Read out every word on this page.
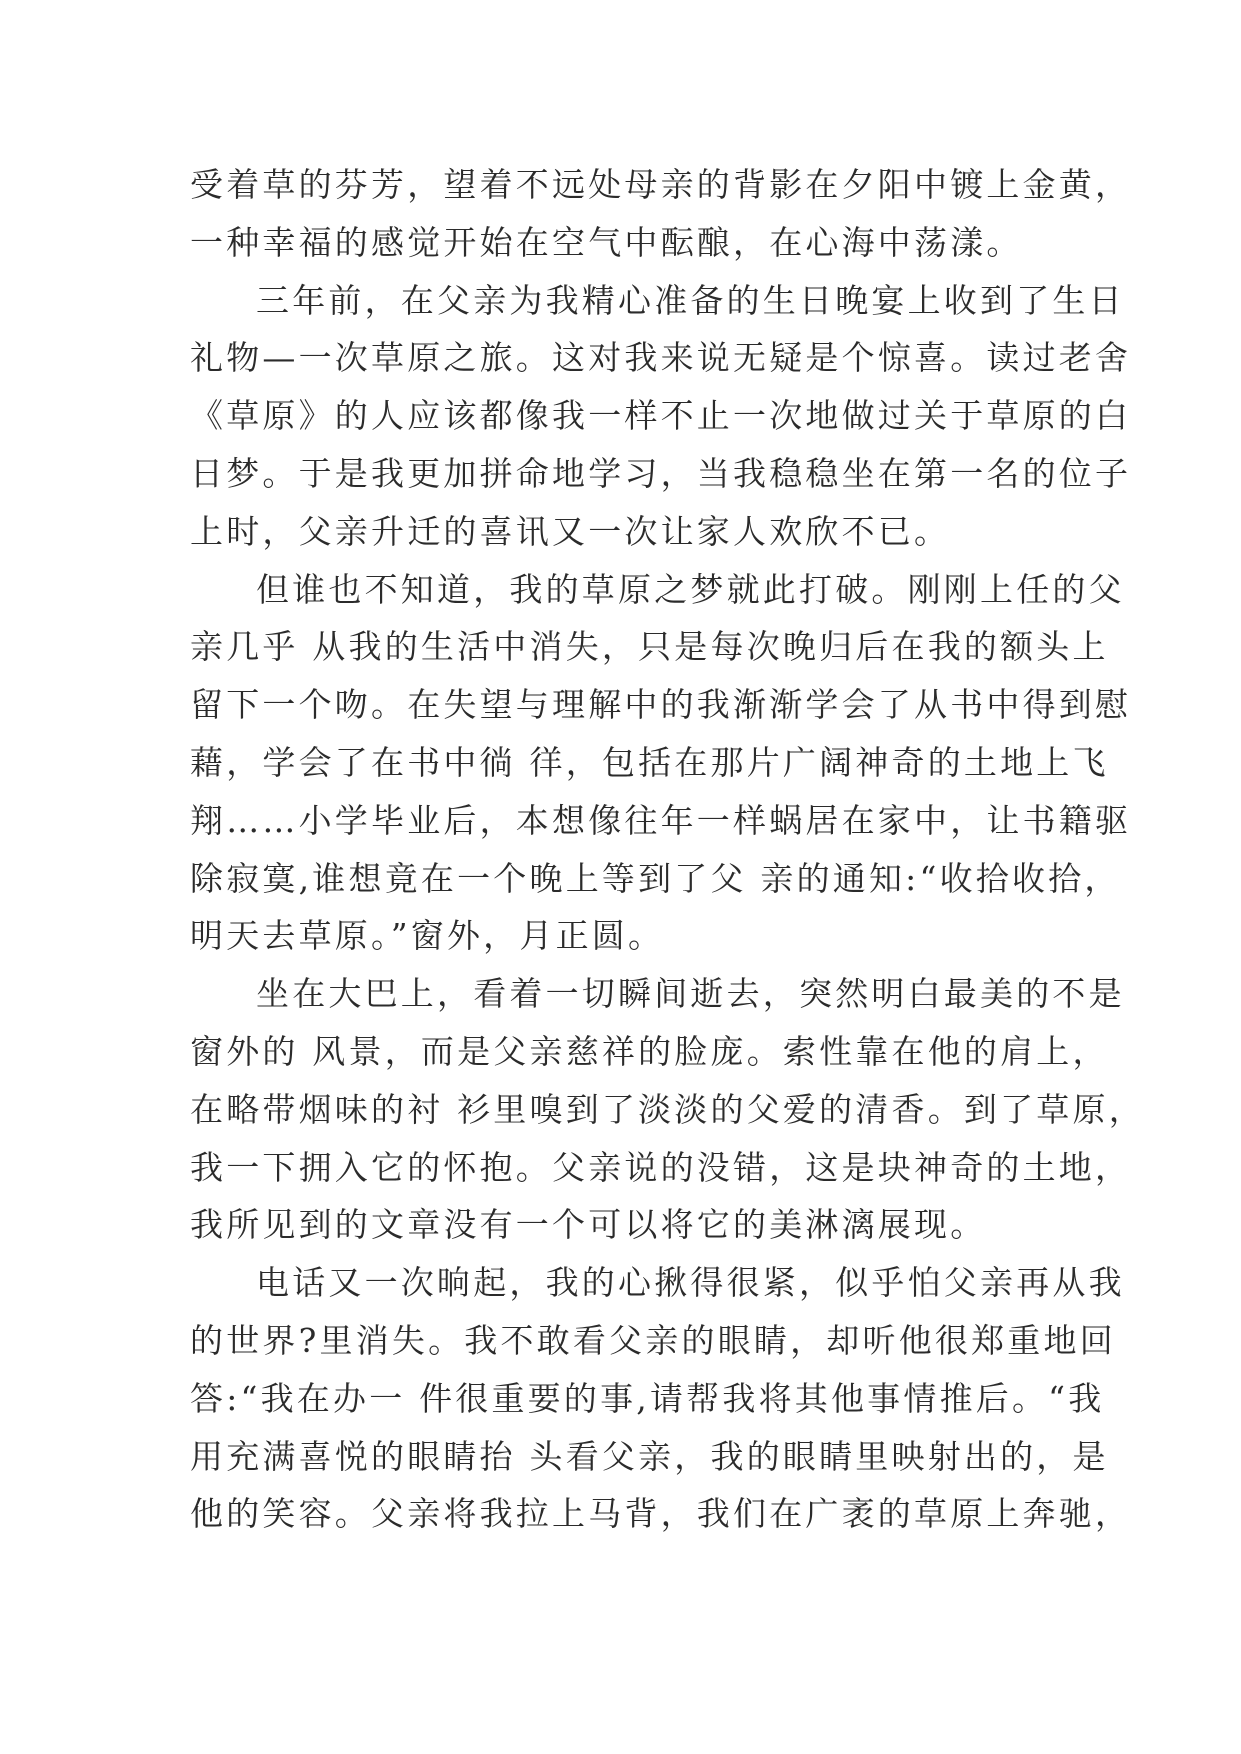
受着草的芬芳，望着不远处母亲的背影在夕阳中镀上金黄，
一种幸福的感觉开始在空气中酝酿，在心海中荡漾。
三年前，在父亲为我精心准备的生日晚宴上收到了生日
礼物—一次草原之旅。这对我来说无疑是个惊喜。读过老舍
《草原》的人应该都像我一样不止一次地做过关于草原的白
日梦。于是我更加拼命地学习，当我稳稳坐在第一名的位子
上时，父亲升迁的喜讯又一次让家人欢欣不已。
但谁也不知道，我的草原之梦就此打破。刚刚上任的父
亲几乎 从我的生活中消失，只是每次晚归后在我的额头上
留下一个吻。在失望与理解中的我渐渐学会了从书中得到慰
藉，学会了在书中徜 徉，包括在那片广阔神奇的土地上飞
翔……小学毕业后，本想像往年一样蜗居在家中，让书籍驱
除寂寞,谁想竟在一个晚上等到了父 亲的通知:“收拾收拾，
明天去草原。”窗外，月正圆。
坐在大巴上，看着一切瞬间逝去，突然明白最美的不是
窗外的 风景，而是父亲慈祥的脸庞。索性靠在他的肩上，
在略带烟味的衬 衫里嗅到了淡淡的父爱的清香。到了草原，
我一下拥入它的怀抱。父亲说的没错，这是块神奇的土地，
我所见到的文章没有一个可以将它的美淋漓展现。
电话又一次晌起，我的心揪得很紧，似乎怕父亲再从我
的世界?里消失。我不敢看父亲的眼睛，却听他很郑重地回
答:“我在办一 件很重要的事,请帮我将其他事情推后。“我
用充满喜悦的眼睛抬 头看父亲，我的眼睛里映射出的，是
他的笑容。父亲将我拉上马背，我们在广袤的草原上奔驰，
